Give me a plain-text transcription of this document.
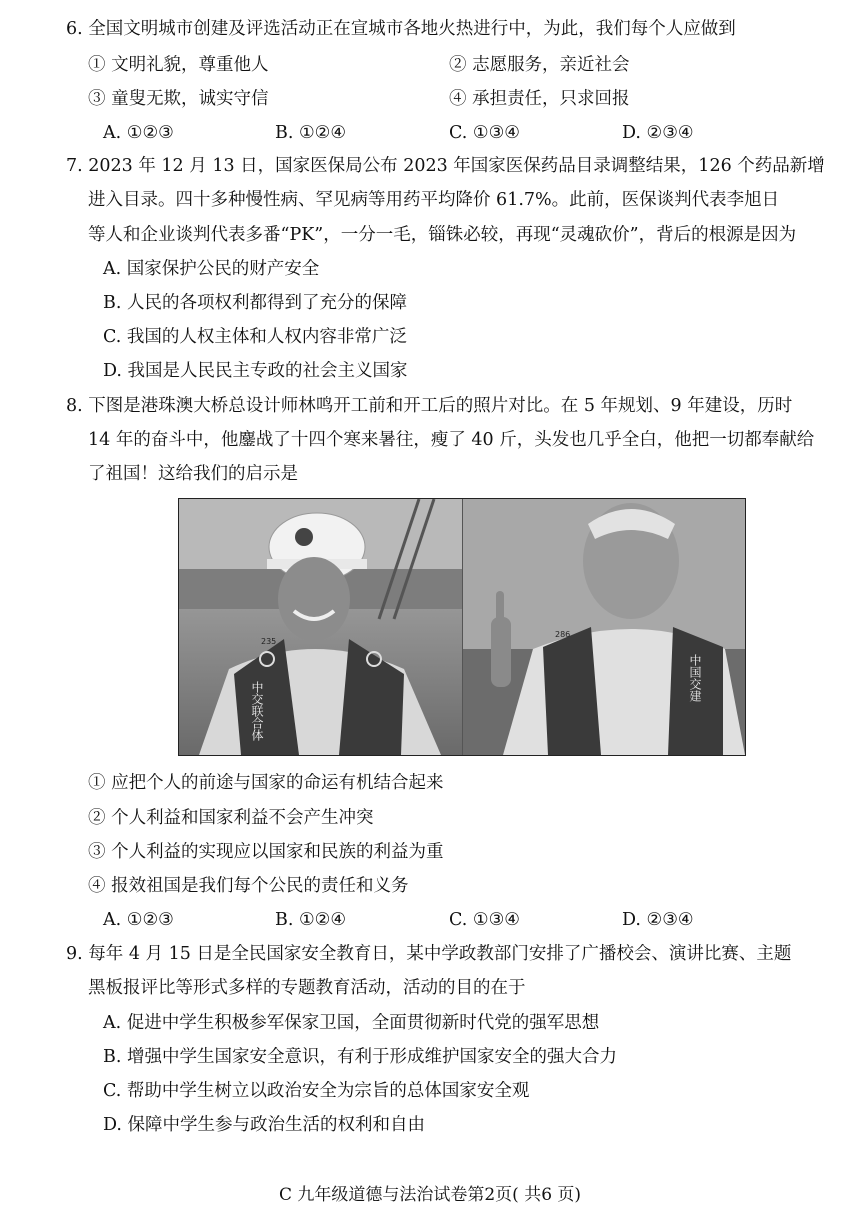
6. 全国文明城市创建及评选活动正在宣城市各地火热进行中，为此，我们每个人应做到
① 文明礼貌，尊重他人	② 志愿服务，亲近社会
③ 童叟无欺，诚实守信	④ 承担责任，只求回报
A. ①②③	B. ①②④	C. ①③④	D. ②③④
7. 2023 年 12 月 13 日，国家医保局公布 2023 年国家医保药品目录调整结果，126 个药品新增
进入目录。四十多种慢性病、罕见病等用药平均降价 61.7%。此前，医保谈判代表李旭日
等人和企业谈判代表多番“PK”，一分一毛，锱铢必较，再现“灵魂砍价”，背后的根源是因为
A. 国家保护公民的财产安全
B. 人民的各项权利都得到了充分的保障
C. 我国的人权主体和人权内容非常广泛
D. 我国是人民民主专政的社会主义国家
8. 下图是港珠澳大桥总设计师林鸣开工前和开工后的照片对比。在 5 年规划、9 年建设，历时
14 年的奋斗中，他鏖战了十四个寒来暑往，瘦了 40 斤，头发也几乎全白，他把一切都奉献给
了祖国！这给我们的启示是
235
中交联合体
286
中国交建
① 应把个人的前途与国家的命运有机结合起来
② 个人利益和国家利益不会产生冲突
③ 个人利益的实现应以国家和民族的利益为重
④ 报效祖国是我们每个公民的责任和义务
A. ①②③	B. ①②④	C. ①③④	D. ②③④
9. 每年 4 月 15 日是全民国家安全教育日，某中学政教部门安排了广播校会、演讲比赛、主题
黑板报评比等形式多样的专题教育活动，活动的目的在于
A. 促进中学生积极参军保家卫国，全面贯彻新时代党的强军思想
B. 增强中学生国家安全意识，有利于形成维护国家安全的强大合力
C. 帮助中学生树立以政治安全为宗旨的总体国家安全观
D. 保障中学生参与政治生活的权利和自由
C 九年级道德与法治试卷第2页( 共6 页)
